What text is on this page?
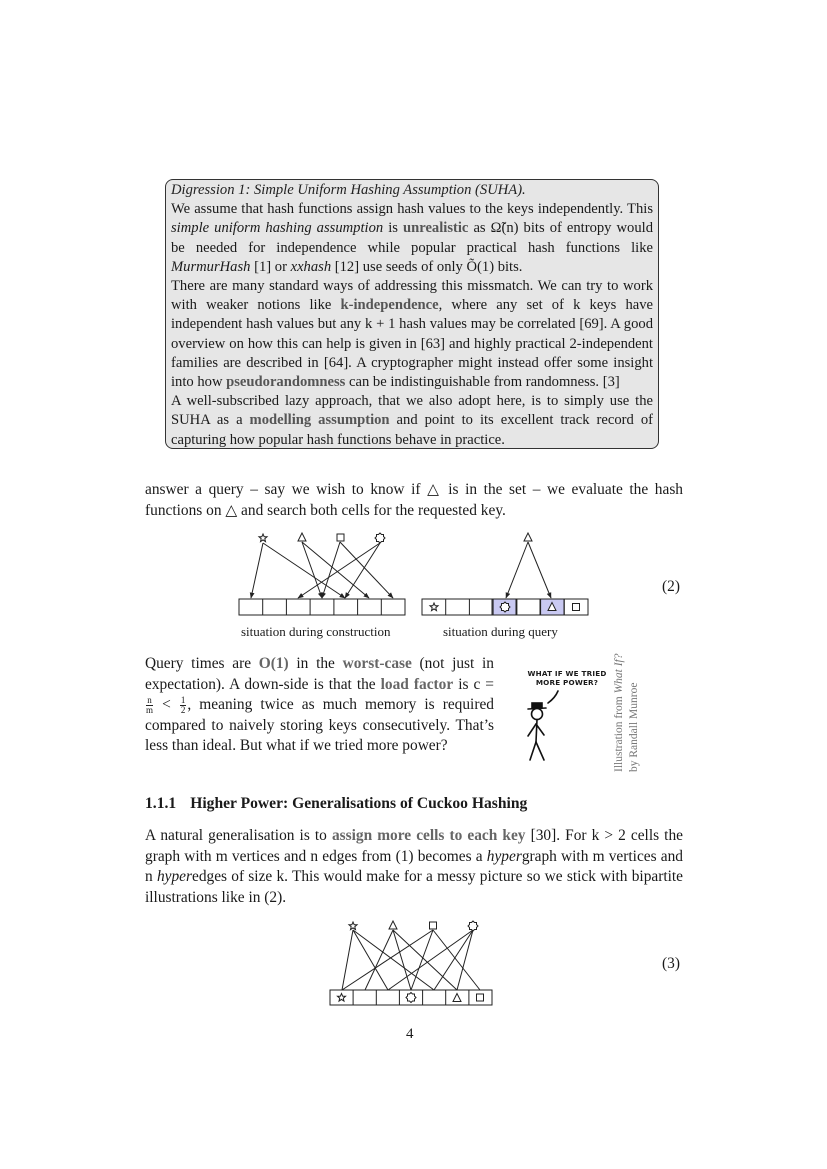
Digression 1: Simple Uniform Hashing Assumption (SUHA).

We assume that hash functions assign hash values to the keys independently. This simple uniform hashing assumption is unrealistic as Ω̃(n) bits of entropy would be needed for independence while popular practical hash functions like MurmurHash [1] or xxhash [12] use seeds of only Õ(1) bits.

There are many standard ways of addressing this missmatch. We can try to work with weaker notions like k-independence, where any set of k keys have independent hash values but any k + 1 hash values may be correlated [69]. A good overview on how this can help is given in [63] and highly practical 2-independent families are described in [64]. A cryptographer might instead offer some insight into how pseudorandomness can be indistinguishable from randomness. [3]

A well-subscribed lazy approach, that we also adopt here, is to simply use the SUHA as a modelling assumption and point to its excellent track record of capturing how popular hash functions behave in practice.

answer a query – say we wish to know if △ is in the set – we evaluate the hash functions on △ and search both cells for the requested key.

situation during construction	situation during query
(2)

Query times are O(1) in the worst-case (not just in expectation). A down-side is that the load factor is c =
$\frac{n}{m} < \frac{1}{2}$ , meaning twice as much memory is required compared to naively storing keys consecutively. That’s less than ideal. But what if we tried more power?

WHAT IF WE TRIED
MORE POWER?
Illustration from What If?
by Randall Munroe
1.1.1 Higher Power: Generalisations of Cuckoo Hashing

A natural generalisation is to assign more cells to each key [30]. For k > 2 cells the graph with m vertices and n edges from (1) becomes a hypergraph with m vertices and n hyperedges of size k. This would make for a messy picture so we stick with bipartite illustrations like in (2).

(3)
4
